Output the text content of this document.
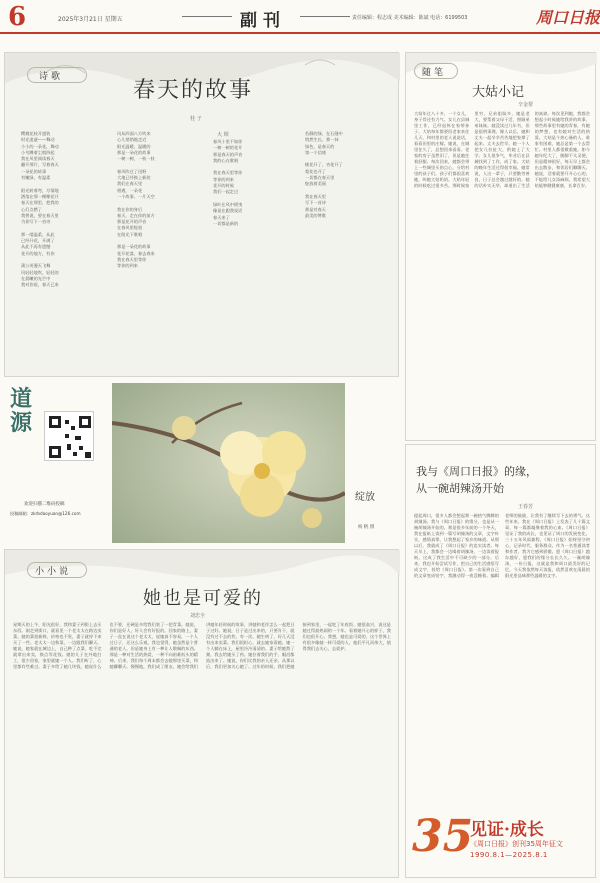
6	2025年3月21日 星期五	副刊	责任编辑：程志成 美术编辑：陈斌 电话：6199503	周口日报
诗歌
春天的故事
桂 子
樱桃花枝开盛装
时光追逐——舞动
小小的一朵花，舞动
小鸟蹲着尘烟四起
我在风里阅读春天
翻开那片，写着春天
一朵花的故事
有嫩绿，有温柔

阳光转着弯，尽情地
洒落在那一棵棵花开
春天在那里，把我的
心灯点燃了
我曾说，要在春天里
为你写下一首诗

那一缕温柔，从此
已经开花，开满了
从此不再有遗憾
花开的地方，有你

蒲公英漫天飞舞
风轻轻地吹，轻轻的
在晨曦的光芒中
我对你说，春天已来
风从四面八方吹来
心儿悄悄地走近
阳光温暖，温暖的
那是一朵花的故事
一树一树，一枝一枝

春风吹过了田野
大地已经换上新装
我们在春天里
相遇，一朵花
一个故事，一片天空

我在你的身后
春天，走在你的前方
那是花开的声音
在春风里绽放
在阳光下歌唱

那是一朵花的故事
花开花落，春去春来
我在春天里等你
等你的到来
大 坝
春风十里不如你
一树一树的花开
那是春天的声音
我的心在歌唱

我在春天里等你
等你的到来
花开的时候
我们一起走过

绿叶在风中摇曳
像是在跟我说话
春天来了
一切都是新的
苔藓的绿，在石缝中
悄然生长，那一抹
绿色，是春天的
第一个信使

桃花开了，杏花开了
梨花也开了
一切都在春天里
绽放着美丽

我在春天里
写下一首诗
那是对春天
最美的赞歌
随笔
大姑小记
辛金帮
大姑年过八十多，一个女儿，身子骨还有力气。女儿在县城里工作，已经退休在家带孙子。大姑每年都要回老家来住几天，和村里的老人说说话，看看田里的庄稼。她说，在城里住久了，总想回来看看。老家的房子虽然旧了，但是她住着舒服。每次回来，她都会带上一些城里买的点心，分给村里的孩子们。孩子们都很喜欢她，叫她大姑奶奶。大姑年轻的时候吃过很多苦。那时候家里穷，兄弟姐妹多，她是老大，要帮着父母干活，照顾弟弟妹妹。她没读过几年书，但是很明事理。嫁人以后，她和丈夫一起辛辛苦苦地把家撑了起来。丈夫去世早，她一个人把女儿拉扯大，供她上了大学。女儿很争气，毕业后在县城找到了工作，成了家。大姑的晚年生活过得很幸福。她常说，人这一辈子，只要勤劳善良，日子总会越过越好的。她的话朴实无华，却道出了生活的真谛。每次见到她，我都会想起小时候她给我讲的故事，那些故事里有她的青春，有她的梦想，也有她对生活的热爱。大姑是个热心肠的人，谁家有困难，她总是第一个去帮忙。村里人都很敬重她。如今她年纪大了，腿脚不太灵便，但是精神很好，每天早上都会出去散步，和邻居们聊聊天。她说，活着就要开开心心的，不能给儿女添麻烦。我希望大姑能够健健康康，长命百岁。
道源
欢迎扫描二维码投稿
投稿邮箱：zkrbdaoyuan@126.com
绽放
杨 帆 摄
我与《周口日报》的缘，
从一碗胡辣汤开始
王春芳
提起周口，很多人都会想起那一碗热气腾腾的胡辣汤。我与《周口日报》的缘分，也是从一碗胡辣汤开始的。那是很多年前的一个冬天，我在报纸上读到一篇写胡辣汤的文章，文字朴实，感情真挚，让我想起了家乡的味道。从那以后，我就成了《周口日报》的忠实读者。每天早上，我都会一边喝着胡辣汤，一边读着报纸，这成了我生活中不可缺少的一部分。后来，我也开始尝试写作，把自己的生活感悟写成文字，投给《周口日报》。第一次看到自己的文章变成铅字，我激动得一夜没睡着。编辑老师的鼓励，让我有了继续写下去的勇气。这些年来，我在《周口日报》上发表了几十篇文章，每一篇都凝聚着我的心血。《周口日报》见证了我的成长，也见证了周口的发展变化。三十五年风雨兼程，《周口日报》始终坚守初心，记录时代，服务群众。作为一名普通读者和作者，我为它感到骄傲。愿《周口日报》越办越好，愿我们的缘分长长久久。一碗胡辣汤，一份日报，这就是我和周口最美好的记忆。今天我依然每天读报，依然喜欢在清晨的阳光里品味那些温暖的文字。
35
见证·成长
《周口日报》创刊35周年征文
1990.8.1—2025.8.1
小小说
她也是可爱的
刘忠全
星期天的上午，阳光很好，我和妻子到街上去买东西。刚走到街口，就看见一个老太太在路边卖菜。她的菜很新鲜，价格也不贵，妻子就停下来买了一些。老太太一边称菜，一边跟我们聊天。她说，她家就在城边上，自己种了点菜，吃不完就拿出来卖，换点零花钱。她的儿子在外地打工，很少回家，家里就她一个人。我们听了，心里都有些难过。妻子多给了她几块钱，她说什么也不要，还硬是多给我们装了一把青菜。她说，你们是好人，好人会有好报的。回家的路上，妻子一直在说这个老太太，说她真不容易，一个人过日子，还这么乐观。我也觉得，她虽然是个普通的老人，但是她身上有一种让人敬佩的东西。那是一种对生活的热爱，一种不向困难低头的精神。后来，我们每个周末都会去她那里买菜，和她聊聊天。慢慢地，我们成了朋友。她会给我们讲她年轻时候的故事，讲她和老伴怎么一起把日子过好。她说，日子是过出来的，只要肯干，就没有过不去的坎。有一次，她生病了，好几天没有出来卖菜。我们很担心，就去她家看她。她一个人躺在床上，屋里冷冷清清的。妻子给她熬了粥，我去给她买了药。她拉着我们的手，眼泪都流出来了。她说，你们比我的亲人还亲。从那以后，我们更加关心她了。过年的时候，我们把她接到家里，一起吃了年夜饭。她很高兴，说这是她过得最热闹的一个年。看着她开心的样子，我们也很开心。我想，她也是可爱的，这个世界上有很多像她一样可爱的人，他们平凡而伟大，值得我们去关心，去爱护。
